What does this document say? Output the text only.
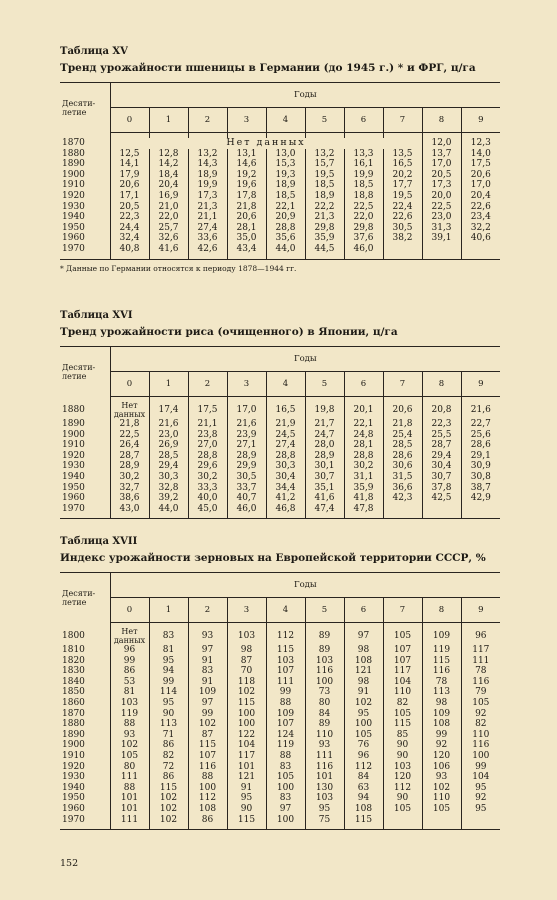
Таблица XV
Тренд урожайности пшеницы в Германии (до 1945 г.) * и ФРГ, ц/га
Десяти-
летие	Годы									
	0	1	2	3	4	5	6	7	8	9

1870	Нет данных								12,0	12,3
1880	12,5	12,8	13,2	13,1	13,0	13,2	13,3	13,5	13,7	14,0
1890	14,1	14,2	14,3	14,6	15,3	15,7	16,1	16,5	17,0	17,5
1900	17,9	18,4	18,9	19,2	19,3	19,5	19,9	20,2	20,5	20,6
1910	20,6	20,4	19,9	19,6	18,9	18,5	18,5	17,7	17,3	17,0
1920	17,1	16,9	17,3	17,8	18,5	18,9	18,8	19,5	20,0	20,4
1930	20,5	21,0	21,3	21,8	22,1	22,2	22,5	22,4	22,5	22,6
1940	22,3	22,0	21,1	20,6	20,9	21,3	22,0	22,6	23,0	23,4
1950	24,4	25,7	27,4	28,1	28,8	29,8	29,8	30,5	31,3	32,2
1960	32,4	32,6	33,6	35,0	35,6	35,9	37,6	38,2	39,1	40,6
1970	40,8	41,6	42,6	43,4	44,0	44,5	46,0			

* Данные по Германии относятся к периоду 1878—1944 гг.
Таблица XVI
Тренд урожайности риса (очищенного) в Японии, ц/га
Десяти-
летие	Годы									
	0	1	2	3	4	5	6	7	8	9

1880	Нет данных	17,4	17,5	17,0	16,5	19,8	20,1	20,6	20,8	21,6
1890	21,8	21,6	21,1	21,6	21,9	21,7	22,1	21,8	22,3	22,7
1900	22,5	23,0	23,8	23,9	24,5	24,7	24,8	25,4	25,5	25,6
1910	26,4	26,9	27,0	27,1	27,4	28,0	28,1	28,5	28,7	28,6
1920	28,7	28,5	28,8	28,9	28,8	28,9	28,8	28,6	29,4	29,1
1930	28,9	29,4	29,6	29,9	30,3	30,1	30,2	30,6	30,4	30,9
1940	30,2	30,3	30,2	30,5	30,4	30,7	31,1	31,5	30,7	30,8
1950	32,7	32,8	33,3	33,7	34,4	35,1	35,9	36,6	37,8	38,7
1960	38,6	39,2	40,0	40,7	41,2	41,6	41,8	42,3	42,5	42,9
1970	43,0	44,0	45,0	46,0	46,8	47,4	47,8			

Таблица XVII
Индекс урожайности зерновых на Европейской территории СССР, %
Десяти-
летие	Годы									
	0	1	2	3	4	5	6	7	8	9

1800	Нет данных	83	93	103	112	89	97	105	109	96
1810	96	81	97	98	115	89	98	107	119	117
1820	99	95	91	87	103	103	108	107	115	111
1830	86	94	83	70	107	116	121	117	116	78
1840	53	99	91	118	111	100	98	104	78	116
1850	81	114	109	102	99	73	91	110	113	79
1860	103	95	97	115	88	80	102	82	98	105
1870	119	90	99	100	109	84	95	105	109	92
1880	88	113	102	100	107	89	100	115	108	82
1890	93	71	87	122	124	110	105	85	99	110
1900	102	86	115	104	119	93	76	90	92	116
1910	105	82	107	117	88	111	96	90	120	100
1920	80	72	116	101	83	116	112	103	106	99
1930	111	86	88	121	105	101	84	120	93	104
1940	88	115	100	91	100	130	63	112	102	95
1950	101	102	112	95	83	103	94	90	110	92
1960	101	102	108	90	97	95	108	105	105	95
1970	111	102	86	115	100	75	115			

152
